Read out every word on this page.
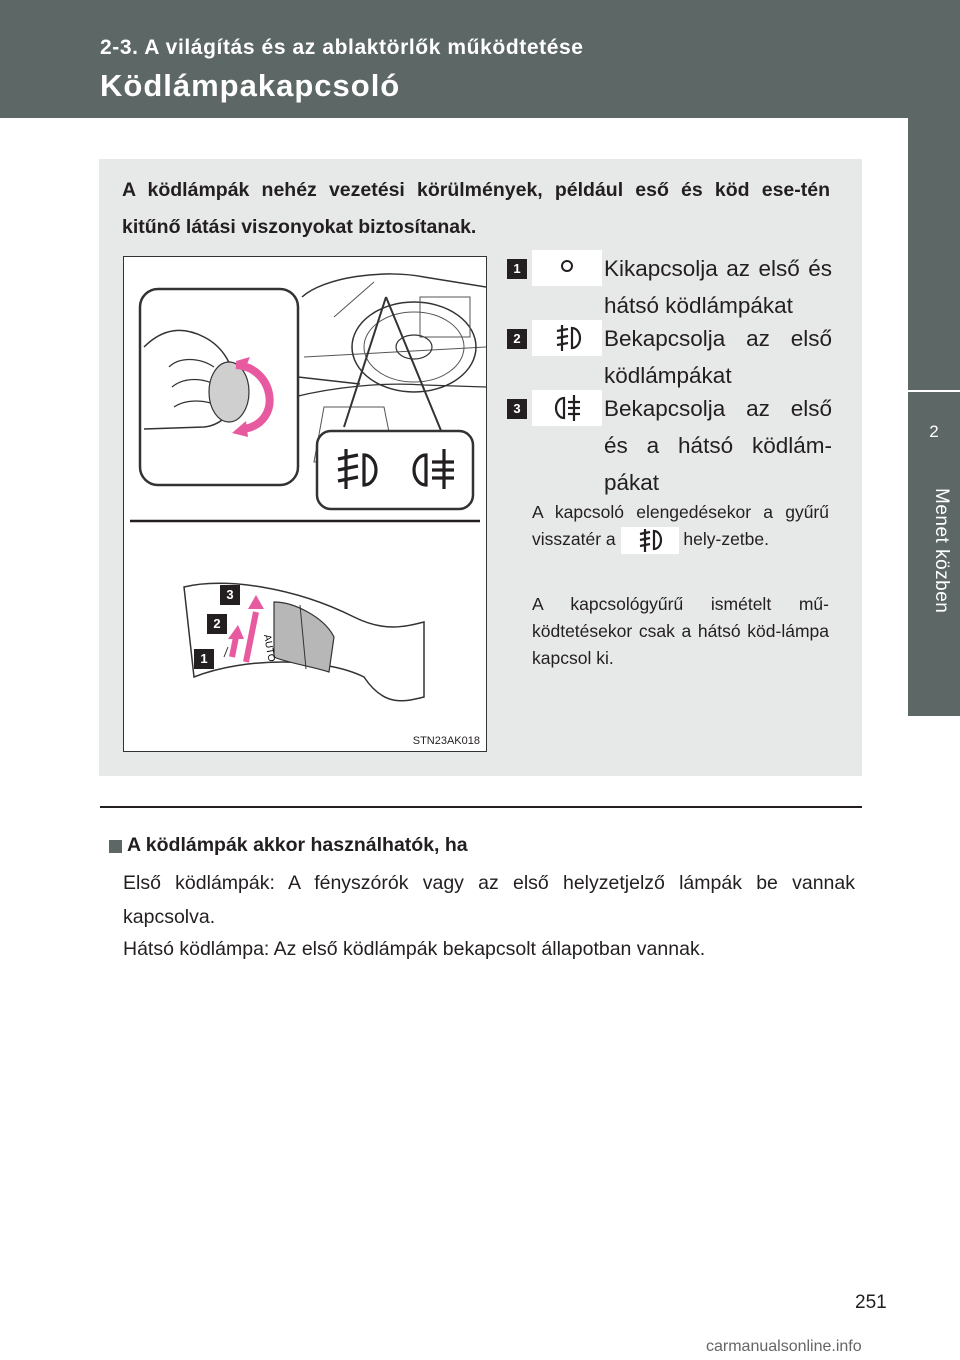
2-3. A világítás és az ablaktörlők működtetése
Ködlámpakapcsoló
2
Menet közben
A ködlámpák nehéz vezetési körülmények, például eső és köd ese-tén kitűnő látási viszonyokat biztosítanak.
AUTO
3
2
1
STN23AK018
1	Kikapcsolja az első és hátsó ködlámpákat
2	Bekapcsolja az első ködlámpákat
3	Bekapcsolja az első és a hátsó ködlám-pákat
A kapcsoló elengedésekor a gyűrű visszatér a	hely-zetbe.
A kapcsológyűrű ismételt mű-ködtetésekor csak a hátsó köd-lámpa kapcsol ki.
A ködlámpák akkor használhatók, ha
Első ködlámpák: A fényszórók vagy az első helyzetjelző lámpák be vannak kapcsolva.
Hátsó ködlámpa: Az első ködlámpák bekapcsolt állapotban vannak.
251
carmanualsonline.info
